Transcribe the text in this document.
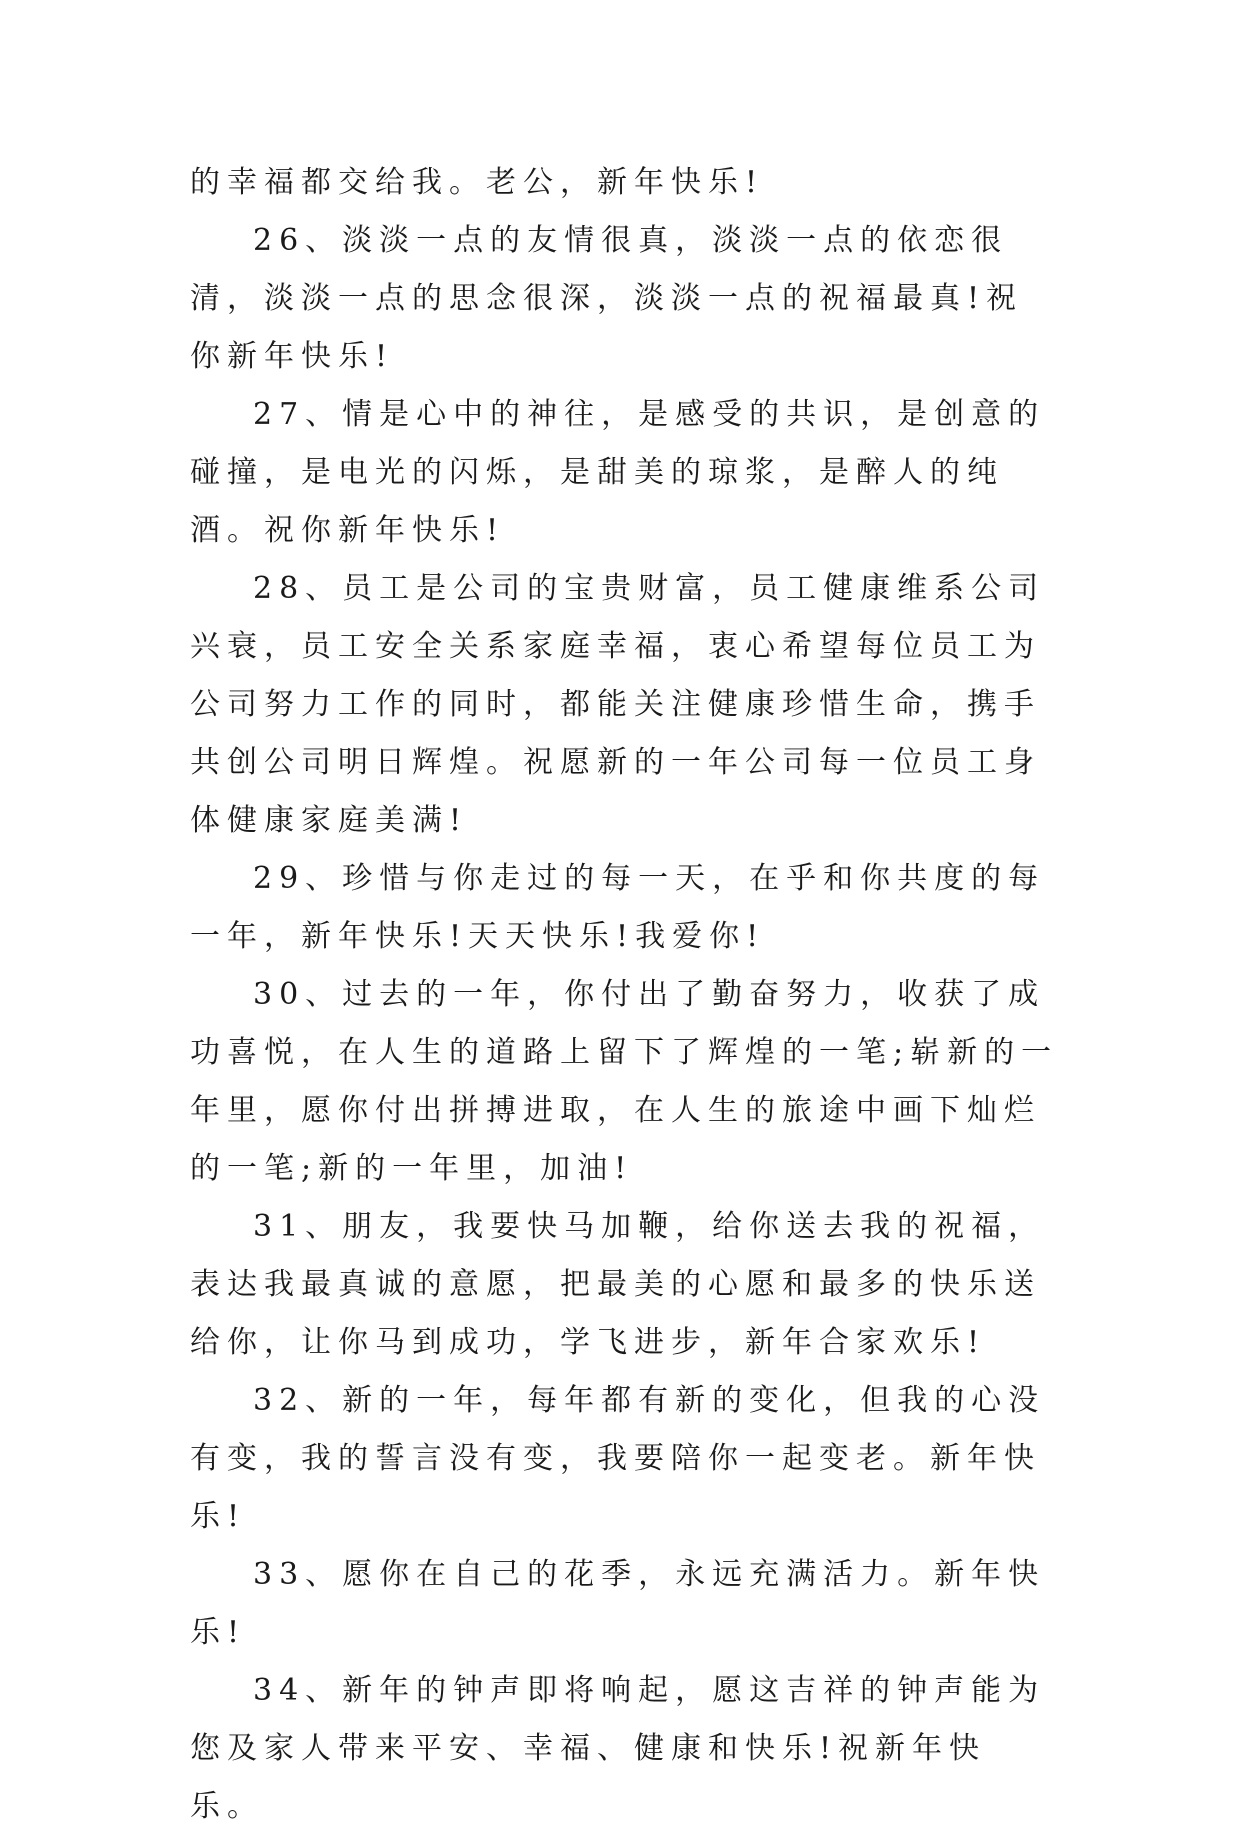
的幸福都交给我。老公，新年快乐!

26、淡淡一点的友情很真，淡淡一点的依恋很清，淡淡一点的思念很深，淡淡一点的祝福最真!祝你新年快乐!

27、情是心中的神往，是感受的共识，是创意的碰撞，是电光的闪烁，是甜美的琼浆，是醉人的纯酒。祝你新年快乐!

28、员工是公司的宝贵财富，员工健康维系公司兴衰，员工安全关系家庭幸福，衷心希望每位员工为公司努力工作的同时，都能关注健康珍惜生命，携手共创公司明日辉煌。祝愿新的一年公司每一位员工身体健康家庭美满!

29、珍惜与你走过的每一天，在乎和你共度的每一年，新年快乐!天天快乐!我爱你!

30、过去的一年，你付出了勤奋努力，收获了成功喜悦，在人生的道路上留下了辉煌的一笔;崭新的一年里，愿你付出拼搏进取，在人生的旅途中画下灿烂的一笔;新的一年里，加油!

31、朋友，我要快马加鞭，给你送去我的祝福，表达我最真诚的意愿，把最美的心愿和最多的快乐送给你，让你马到成功，学飞进步，新年合家欢乐!

32、新的一年，每年都有新的变化，但我的心没有变，我的誓言没有变，我要陪你一起变老。新年快乐!

33、愿你在自己的花季，永远充满活力。新年快乐!

34、新年的钟声即将响起，愿这吉祥的钟声能为您及家人带来平安、幸福、健康和快乐!祝新年快乐。
